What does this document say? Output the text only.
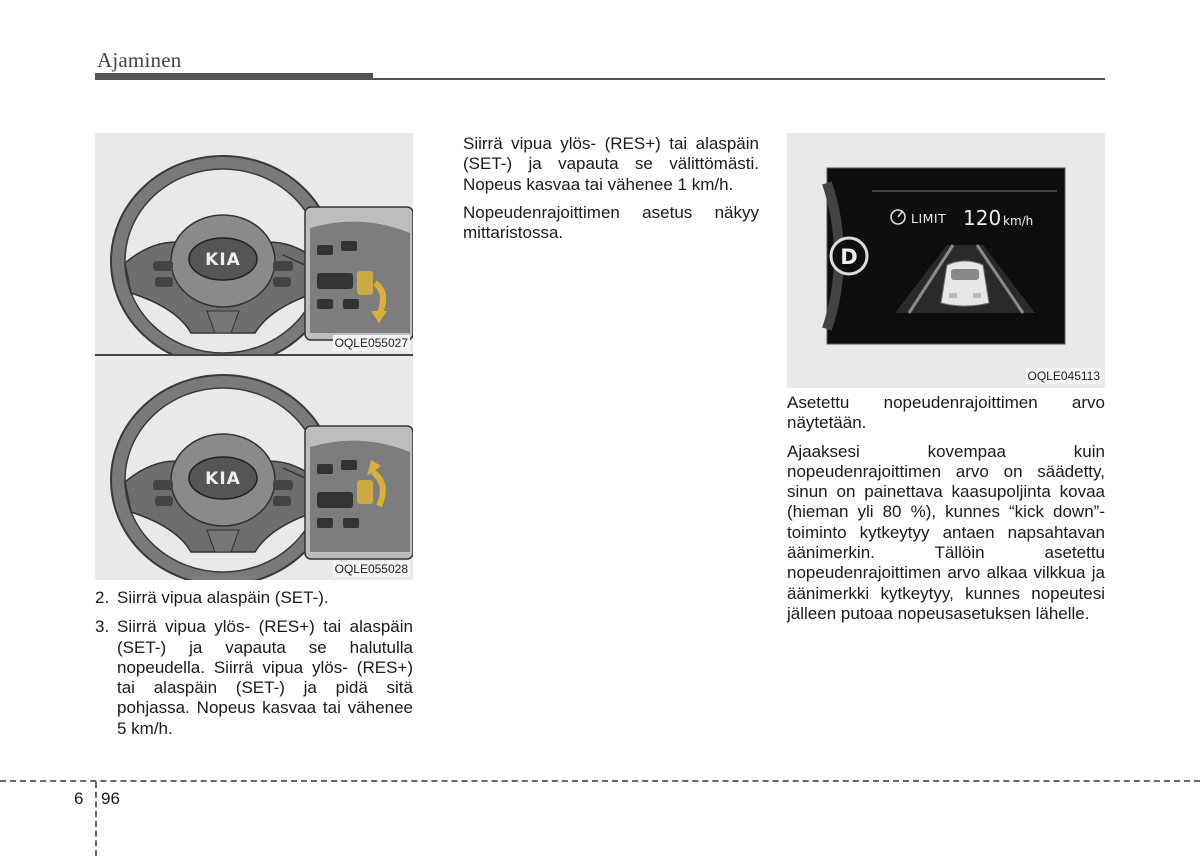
Ajaminen
KIA
OQLE055027
KIA
OQLE055028
2. Siirrä vipua alaspäin (SET-).
3. Siirrä vipua ylös- (RES+) tai alaspäin (SET-) ja vapauta se halutulla nopeudella. Siirrä vipua ylös- (RES+) tai alaspäin (SET-) ja pidä sitä pohjassa. Nopeus kasvaa tai vähenee 5 km/h.

Siirrä vipua ylös- (RES+) tai alaspäin (SET-) ja vapauta se välittömästi. Nopeus kasvaa tai vähenee 1 km/h.

Nopeudenrajoittimen asetus näkyy mittaristossa.

D
LIMIT 120 km/h
OQLE045113

Asetettu nopeudenrajoittimen arvo näytetään.

Ajaaksesi kovempaa kuin nopeudenrajoittimen arvo on säädetty, sinun on painettava kaasupoljinta kovaa (hieman yli 80 %), kunnes “kick down”-toiminto kytkeytyy antaen napsahtavan äänimerkin. Tällöin asetettu nopeudenrajoittimen arvo alkaa vilkkua ja äänimerkki kytkeytyy, kunnes nopeutesi jälleen putoaa nopeusasetuksen lähelle.

6 96
